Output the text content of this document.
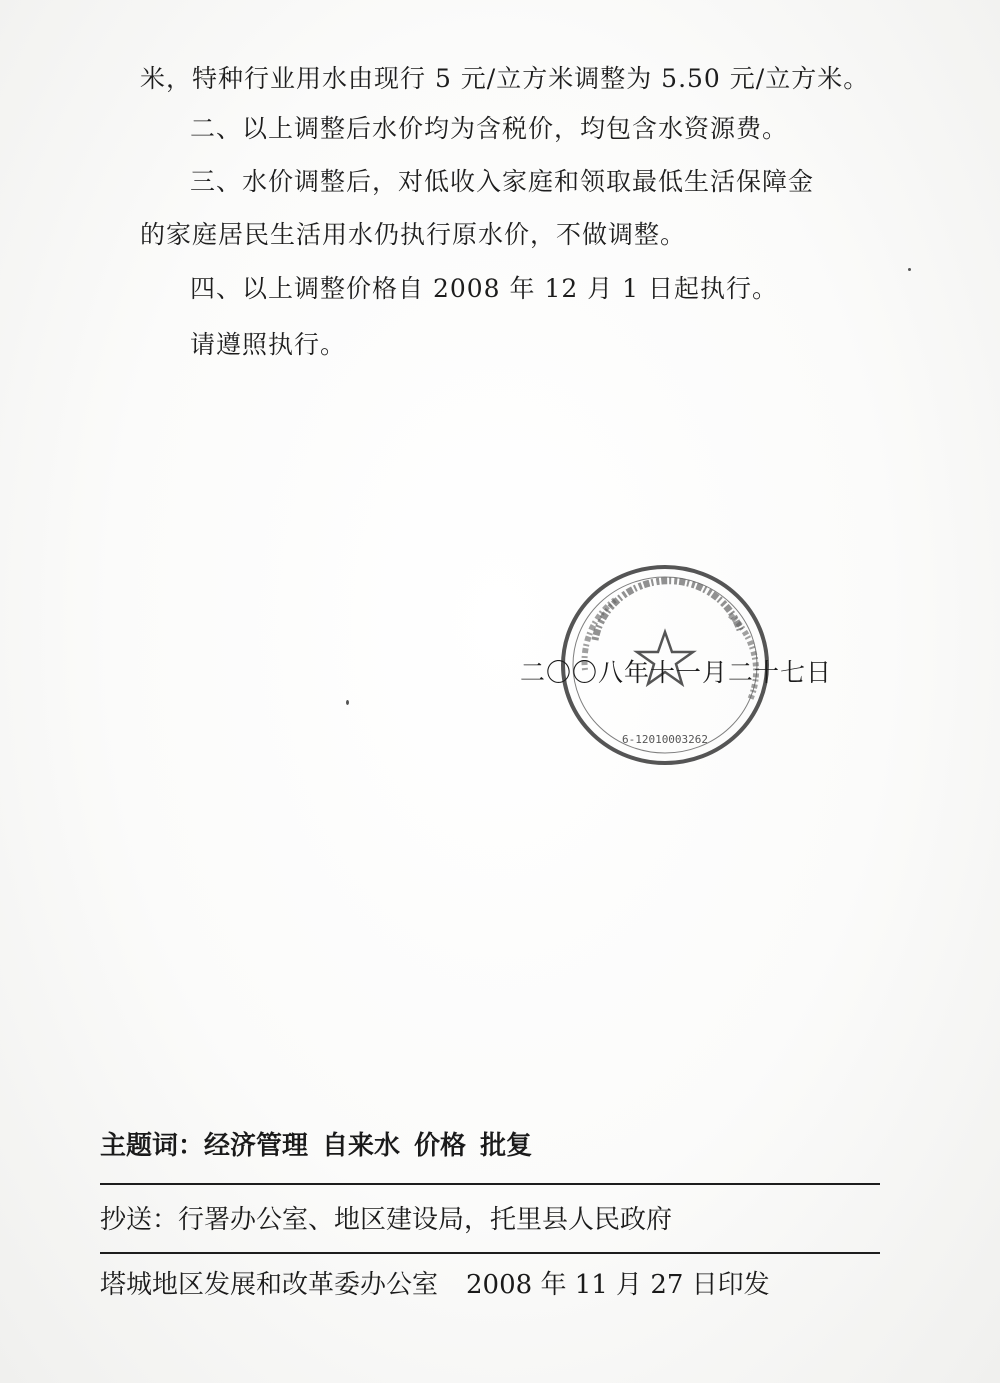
米，特种行业用水由现行 5 元/立方米调整为 5.50 元/立方米。
二、以上调整后水价均为含税价，均包含水资源费。
三、水价调整后，对低收入家庭和领取最低生活保障金
的家庭居民生活用水仍执行原水价，不做调整。
四、以上调整价格自 2008 年 12 月 1 日起执行。
请遵照执行。
6-12010003262
二〇〇八年十一月二十七日
主题词：经济管理 自来水 价格 批复
抄送：行署办公室、地区建设局，托里县人民政府
塔城地区发展和改革委办公室 2008 年 11 月 27 日印发
